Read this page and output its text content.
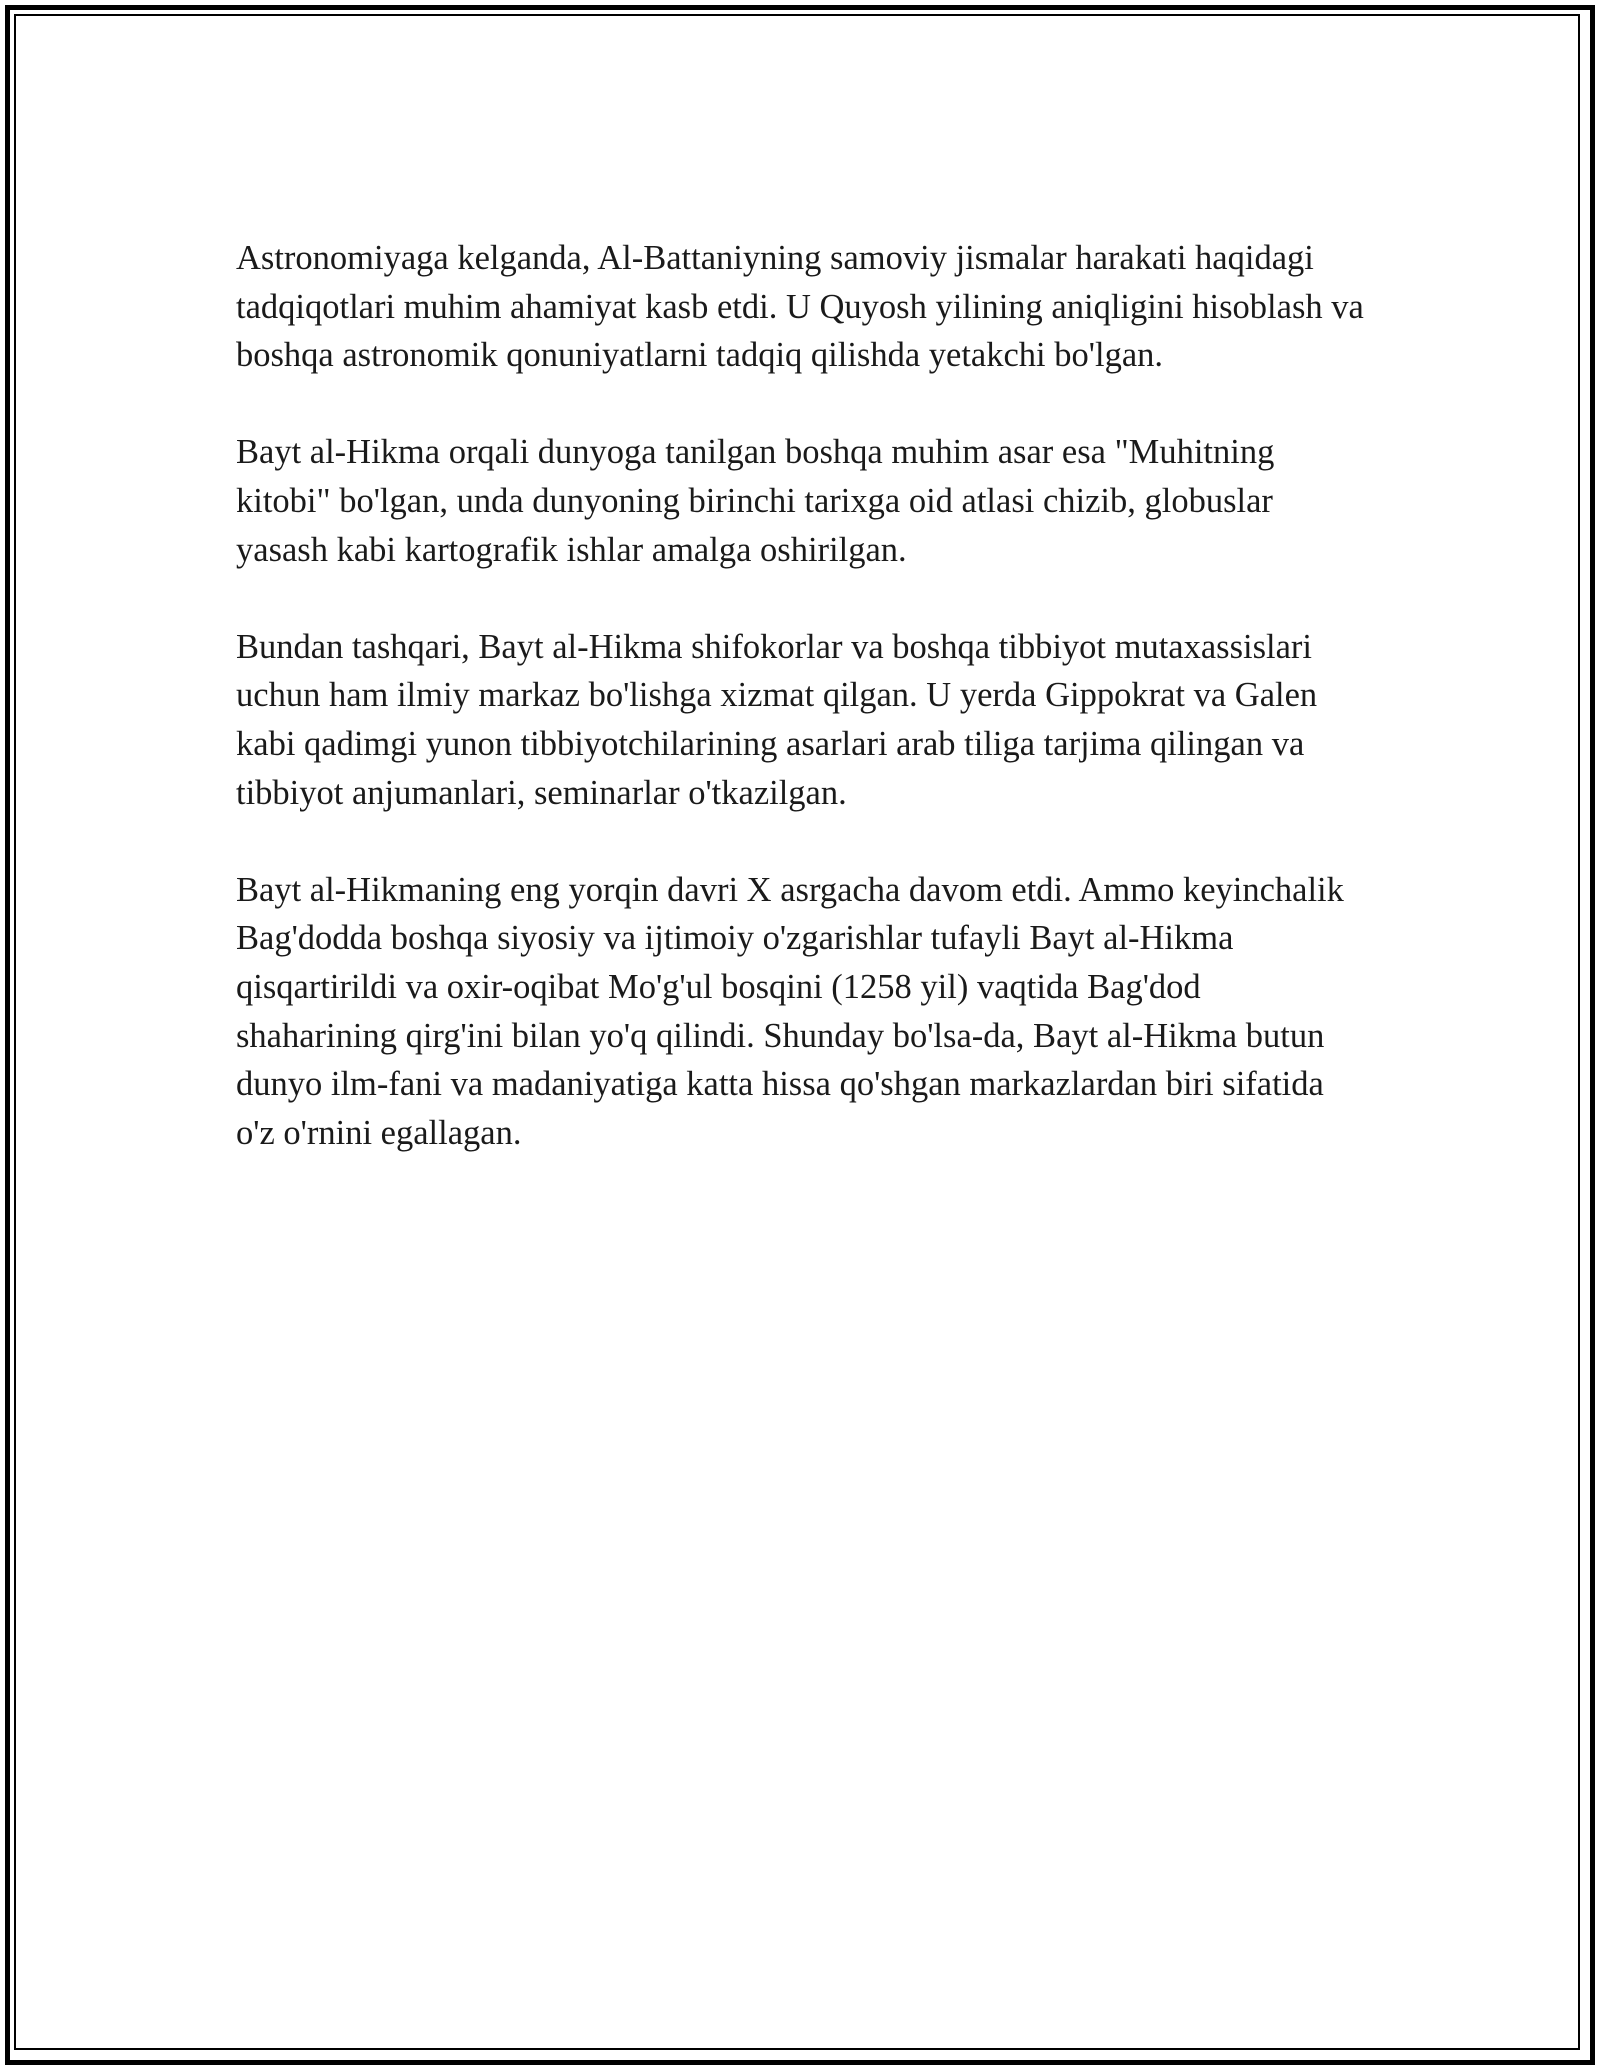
Astronomiyaga kelganda, Al-Battaniyning samoviy jismalar harakati haqidagi tadqiqotlari muhim ahamiyat kasb etdi. U Quyosh yilining aniqligini hisoblash va boshqa astronomik qonuniyatlarni tadqiq qilishda yetakchi bo'lgan.

Bayt al-Hikma orqali dunyoga tanilgan boshqa muhim asar esa "Muhitning kitobi" bo'lgan, unda dunyoning birinchi tarixga oid atlasi chizib, globuslar yasash kabi kartografik ishlar amalga oshirilgan.

Bundan tashqari, Bayt al-Hikma shifokorlar va boshqa tibbiyot mutaxassislari uchun ham ilmiy markaz bo'lishga xizmat qilgan. U yerda Gippokrat va Galen kabi qadimgi yunon tibbiyotchilarining asarlari arab tiliga tarjima qilingan va tibbiyot anjumanlari, seminarlar o'tkazilgan.

Bayt al-Hikmaning eng yorqin davri X asrgacha davom etdi. Ammo keyinchalik Bag'dodda boshqa siyosiy va ijtimoiy o'zgarishlar tufayli Bayt al-Hikma qisqartirildi va oxir-oqibat Mo'g'ul bosqini (1258 yil) vaqtida Bag'dod shaharining qirg'ini bilan yo'q qilindi. Shunday bo'lsa-da, Bayt al-Hikma butun dunyo ilm-fani va madaniyatiga katta hissa qo'shgan markazlardan biri sifatida o'z o'rnini egallagan.
